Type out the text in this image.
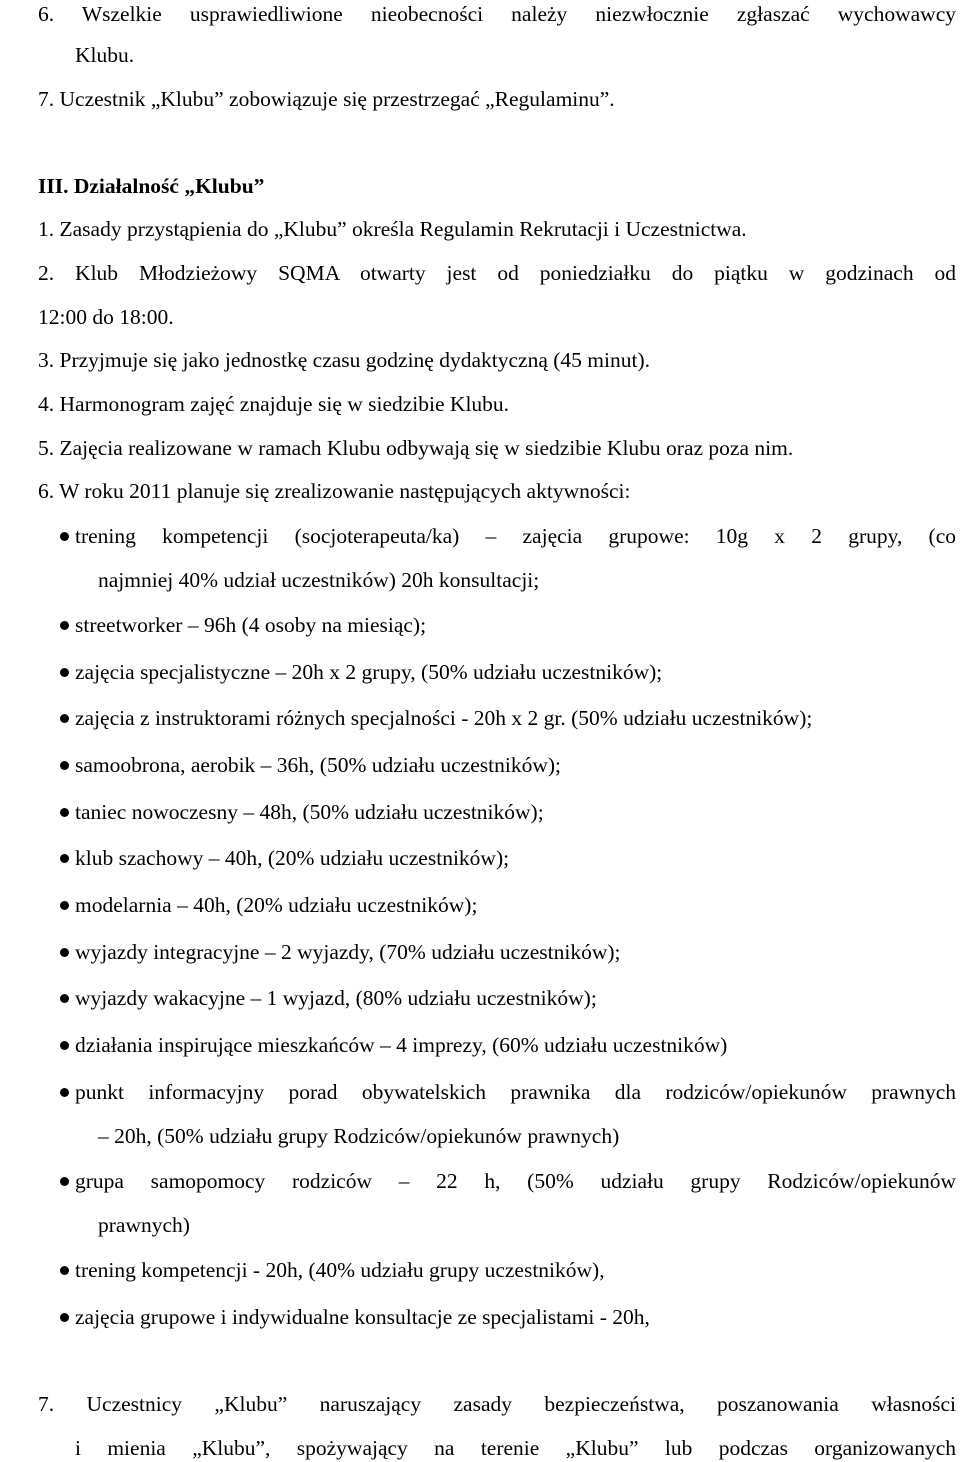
6. Wszelkie usprawiedliwione nieobecności należy niezwłocznie zgłaszać wychowawcy
Klubu.
7. Uczestnik „Klubu” zobowiązuje się przestrzegać „Regulaminu”.
III. Działalność „Klubu”
1. Zasady przystąpienia do „Klubu” określa Regulamin Rekrutacji i Uczestnictwa.
2. Klub Młodzieżowy SQMA otwarty jest od poniedziałku do piątku w godzinach od
12:00 do 18:00.
3. Przyjmuje się jako jednostkę czasu godzinę dydaktyczną (45 minut).
4. Harmonogram zajęć znajduje się w siedzibie Klubu.
5. Zajęcia realizowane w ramach Klubu odbywają się w siedzibie Klubu oraz poza nim.
6. W roku 2011 planuje się zrealizowanie następujących aktywności:
trening kompetencji (socjoterapeuta/ka) – zajęcia grupowe: 10g x 2 grupy, (co
najmniej 40% udział uczestników) 20h konsultacji;
streetworker – 96h (4 osoby na miesiąc);
zajęcia specjalistyczne – 20h x 2 grupy, (50% udziału uczestników);
zajęcia z instruktorami różnych specjalności - 20h x 2 gr. (50% udziału uczestników);
samoobrona, aerobik – 36h, (50% udziału uczestników);
taniec nowoczesny – 48h, (50% udziału uczestników);
klub szachowy – 40h, (20% udziału uczestników);
modelarnia – 40h, (20% udziału uczestników);
wyjazdy integracyjne – 2 wyjazdy, (70% udziału uczestników);
wyjazdy wakacyjne – 1 wyjazd, (80% udziału uczestników);
działania inspirujące mieszkańców – 4 imprezy, (60% udziału uczestników)
punkt informacyjny porad obywatelskich prawnika dla rodziców/opiekunów prawnych
– 20h, (50% udziału grupy Rodziców/opiekunów prawnych)
grupa samopomocy rodziców – 22 h, (50% udziału grupy Rodziców/opiekunów
prawnych)
trening kompetencji - 20h, (40% udziału grupy uczestników),
zajęcia grupowe i indywidualne konsultacje ze specjalistami - 20h,
7. Uczestnicy „Klubu” naruszający zasady bezpieczeństwa, poszanowania własności
i mienia „Klubu”, spożywający na terenie „Klubu” lub podczas organizowanych
